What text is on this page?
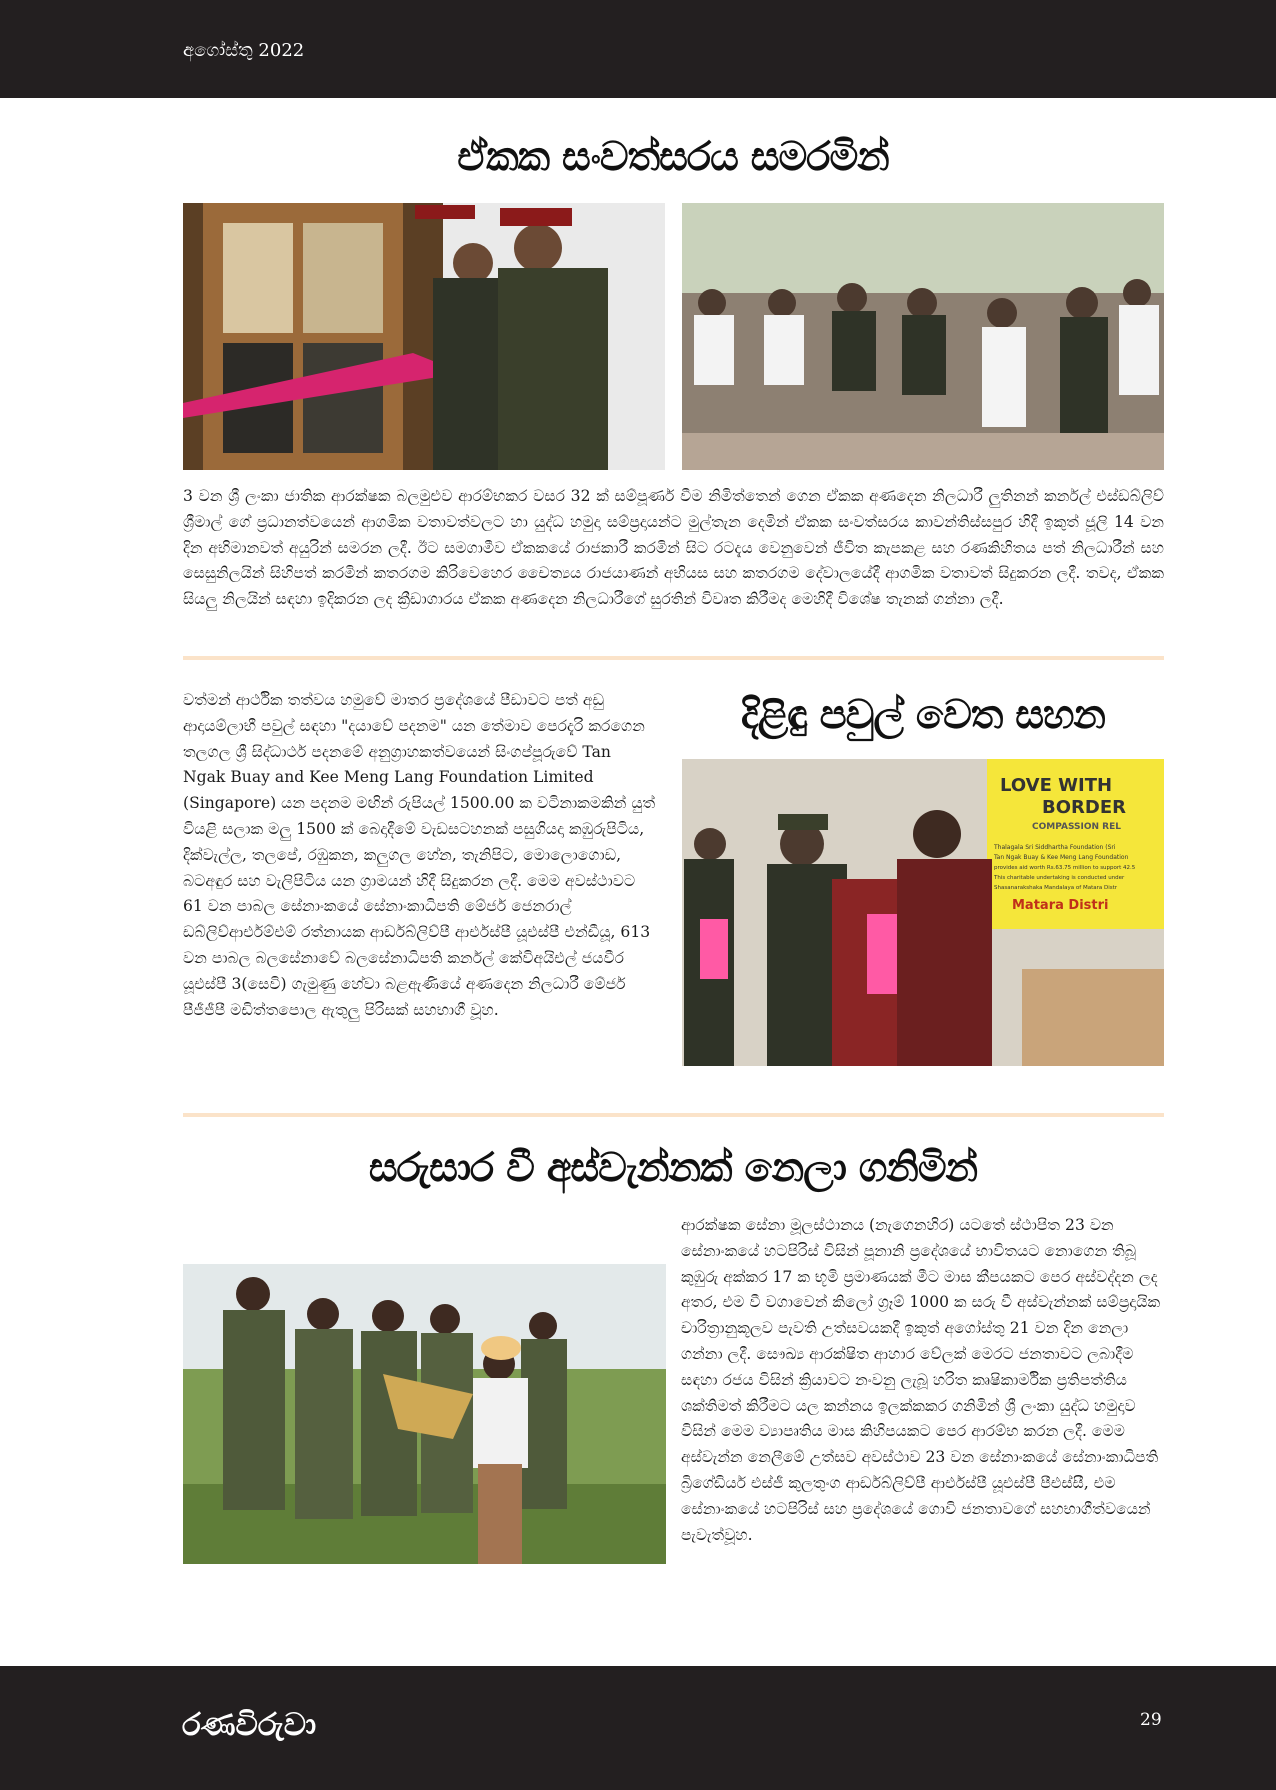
අගෝස්තු 2022
ඒකක සංවත්සරය සමරමින්
3 වන ශ්‍රී ලංකා ජාතික ආරක්ෂක බලමුළුව ආරම්භකර වසර 32 ක් සම්පූර්ණ වීම නිමිත්තෙන් ගෙන ඒකක අණදෙන නිලධාරී ලුතිනන් කර්නල් එස්ඩබ්ලිව් ශ්‍රීමාල් ගේ ප්‍රධානත්වයෙන් ආගමික වතාවත්වලට හා යුද්ධ හමුදා සම්ප්‍රදායන්ට මුල්තැන දෙමින් ඒකක සංවත්සරය කාවන්තිස්සපුර හිදී ඉකුත් ජූලි 14 වන දින අභිමානවත් අයුරින් සමරන ලදී. ඊට සමගාමීව ඒකකයේ රාජකාරී කරමින් සිට රටදැය වෙනුවෙන් ජීවිත කැපකළ සහ රණකිහිතය පත් නිලධාරීන් සහ සෙසුනිලයින් සිහිපත් කරමින් කතරගම කිරිවෙහෙර චෛත්‍යය රාජයාණන් අභියස සහ කතරගම දේවාලයේදී ආගමික වතාවත් සිදුකරන ලදී. තවද, ඒකක සියලු නිලයින් සඳහා ඉදිකරන ලද ක්‍රීඩාගාරය ඒකක අණදෙන නිලධාරීගේ සුරතින් විවෘත කිරීමද මෙහිදී විශේෂ තැනක් ගන්නා ලදී.
වත්මන් ආර්ථික තත්වය හමුවේ මාතර ප්‍රදේශයේ පීඩාවට පත් අඩු ආදායම්ලාභී පවුල් සඳහා "දයාවේ පදනම" යන තේමාව පෙරදැරි කරගෙන තලගල ශ්‍රී සිද්ධාර්ථ පදනමේ අනුග්‍රාහකත්වයෙන් සිංගප්පූරුවේ Tan Ngak Buay and Kee Meng Lang Foundation Limited (Singapore) යන පදනම මඟින් රුපියල් 1500.00 ක වටිනාකමකින් යුත් වියළි සලාක මලු 1500 ක් බෙදාදීමේ වැඩසටහනක් පසුගියදා කඹුරුපිටිය, දික්වැල්ල, තලපේ, රඹුකන, කලුගල හේන, තැනිපිට, මොලොගොඩ, බටඅඳුර සහ වැලිපිටිය යන ග්‍රාමයන් හිදී සිදුකරන ලදී. මෙම අවස්ථාවට 61 වන පාබල සේනාංකයේ සේනාංකාධිපති මේජර් ජෙනරාල් ඩබ්ලිව්ආර්එම්එම් රත්නායක ආර්ඩබ්ලිව්පී ආර්එස්පී යූඑස්පී එන්ඩීයූ, 613 වන පාබල බලසේනාවේ බලසේනාධිපති කර්නල් කේවිඅයිඑල් ජයවීර යූඑස්පී 3(සෙවි) ගැමුණු හේවා බළඇණියේ අණදෙන නිලධාරී මේජර් පීජීජීපී මඩිත්තපොල ඇතුලු පිරිසක් සහභාගී වූහ.
දිළිඳු පවුල් වෙත සහන
LOVE WITH
BORDER
COMPASSION REL
Thalagala Sri Siddhartha Foundation (Sri
Tan Ngak Buay & Kee Meng Lang Foundation
provides aid worth Rs.63.75 million to support 42.5
This charitable undertaking is conducted under
Shasanarakshaka Mandalaya of Matara Distr
Matara Distri
සරුසාර වී අස්වැන්නක් නෙලා ගනිමින්
ආරක්ෂක සේනා මූලස්ථානය (නැගෙනහිර) යටතේ ස්ථාපිත 23 වන සේනාංකයේ හටපිරිස් විසින් පූනානි ප්‍රදේශයේ භාවිතයට නොගෙන තිබූ කුඹුරු අක්කර 17 ක භූමි ප්‍රමාණයක් මීට මාස කීපයකට පෙර අස්වද්දන ලද අතර, එම වී වගාවෙන් කිලෝ ග්‍රෑම් 1000 ක සරු වී අස්වැන්නක් සම්ප්‍රදායික චාරිත්‍රානුකූලව පැවති උත්සවයකදී ඉකුත් අගෝස්තු 21 වන දින නෙලා ගන්නා ලදී. සෞඛ්‍ය ආරක්ෂිත ආහාර වේලක් මෙරට ජනතාවට ලබාදීම සඳහා රජය විසින් ක්‍රියාවට නංවනු ලැබූ හරිත කෘෂිකාර්මික ප්‍රතිපත්තිය ශක්තිමත් කිරීමට යල කන්නය ඉලක්කකර ගනිමින් ශ්‍රී ලංකා යුද්ධ හමුදාව විසින් මෙම ව්‍යාපෘතිය මාස කිහිපයකට පෙර ආරම්භ කරන ලදී. මෙම අස්වැන්න නෙලීමේ උත්සව අවස්ථාව 23 වන සේනාංකයේ සේනාංකාධිපති බ්‍රිගේඩියර් එස්ජී කුලතුංග ආර්ඩබ්ලිව්පී ආර්එස්පී යූඑස්පී පීඑස්සී, එම සේනාංකයේ හටපිරිස් සහ ප්‍රදේශයේ ගොවි ජනතාවගේ සහභාගීත්වයෙන් පැවැත්වූහ.
රණවිරුවා	29
